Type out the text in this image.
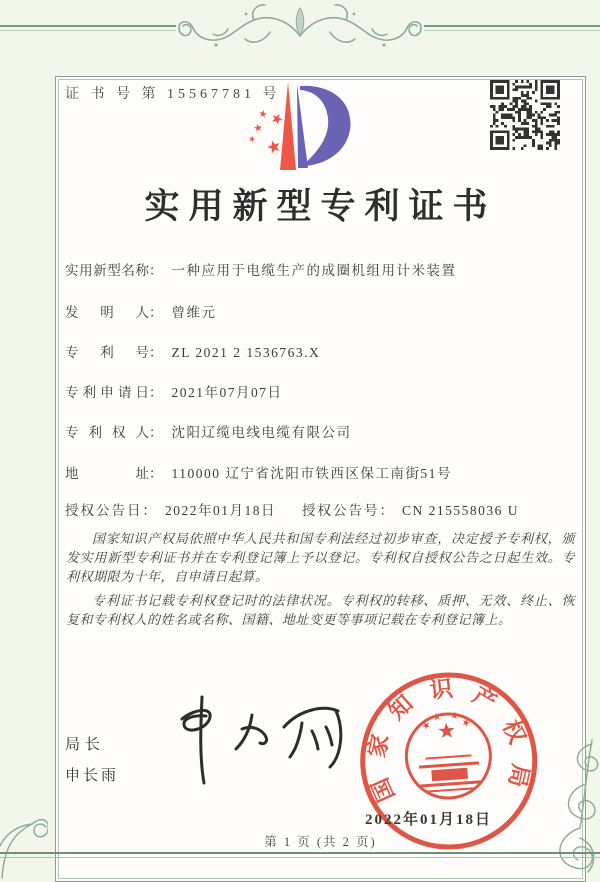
证 书 号 第 15567781 号
实用新型专利证书
实用新型名称： 一种应用于电缆生产的成圈机组用计米装置
发明人： 曾维元
专利号： ZL 2021 2 1536763.X
专利申请日： 2021年07月07日
专利权人： 沈阳辽缆电线电缆有限公司
地址： 110000 辽宁省沈阳市铁西区保工南街51号
授权公告日： 2022年01月18日 授权公告号： CN 215558036 U

国家知识产权局依照中华人民共和国专利法经过初步审查，决定授予专利权，颁发实用新型专利证书并在专利登记簿上予以登记。专利权自授权公告之日起生效。专利权期限为十年，自申请日起算。

专利证书记载专利权登记时的法律状况。专利权的转移、质押、无效、终止、恢复和专利权人的姓名或名称、国籍、地址变更等事项记载在专利登记簿上。

局长
申长雨	国家知识产权局
2022年01月18日
第 1 页 (共 2 页)
